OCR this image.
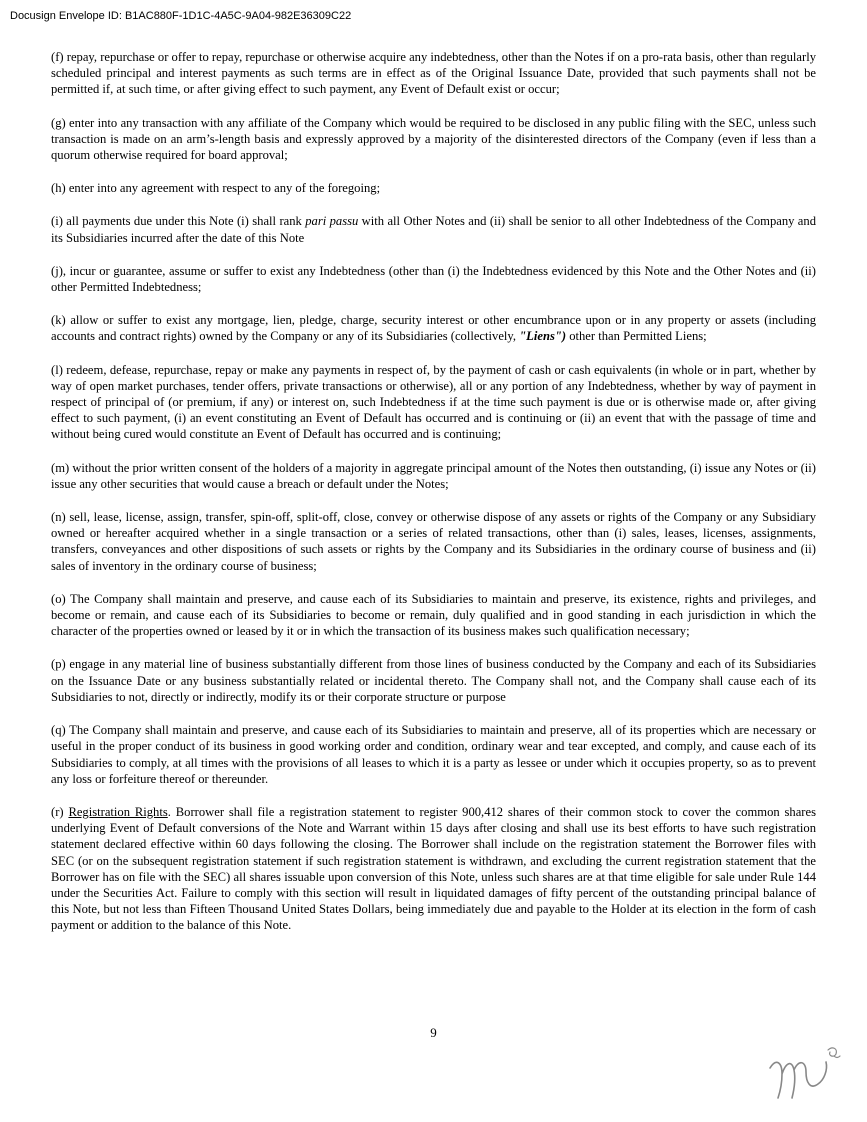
Docusign Envelope ID: B1AC880F-1D1C-4A5C-9A04-982E36309C22

(f) repay, repurchase or offer to repay, repurchase or otherwise acquire any indebtedness, other than the Notes if on a pro-rata basis, other than regularly scheduled principal and interest payments as such terms are in effect as of the Original Issuance Date, provided that such payments shall not be permitted if, at such time, or after giving effect to such payment, any Event of Default exist or occur;

(g) enter into any transaction with any affiliate of the Company which would be required to be disclosed in any public filing with the SEC, unless such transaction is made on an arm’s-length basis and expressly approved by a majority of the disinterested directors of the Company (even if less than a quorum otherwise required for board approval;

(h) enter into any agreement with respect to any of the foregoing;

(i) all payments due under this Note (i) shall rank pari passu with all Other Notes and (ii) shall be senior to all other Indebtedness of the Company and its Subsidiaries incurred after the date of this Note

(j), incur or guarantee, assume or suffer to exist any Indebtedness (other than (i) the Indebtedness evidenced by this Note and the Other Notes and (ii) other Permitted Indebtedness;

(k) allow or suffer to exist any mortgage, lien, pledge, charge, security interest or other encumbrance upon or in any property or assets (including accounts and contract rights) owned by the Company or any of its Subsidiaries (collectively, "Liens") other than Permitted Liens;

(l) redeem, defease, repurchase, repay or make any payments in respect of, by the payment of cash or cash equivalents (in whole or in part, whether by way of open market purchases, tender offers, private transactions or otherwise), all or any portion of any Indebtedness, whether by way of payment in respect of principal of (or premium, if any) or interest on, such Indebtedness if at the time such payment is due or is otherwise made or, after giving effect to such payment, (i) an event constituting an Event of Default has occurred and is continuing or (ii) an event that with the passage of time and without being cured would constitute an Event of Default has occurred and is continuing;

(m) without the prior written consent of the holders of a majority in aggregate principal amount of the Notes then outstanding, (i) issue any Notes or (ii) issue any other securities that would cause a breach or default under the Notes;

(n) sell, lease, license, assign, transfer, spin-off, split-off, close, convey or otherwise dispose of any assets or rights of the Company or any Subsidiary owned or hereafter acquired whether in a single transaction or a series of related transactions, other than (i) sales, leases, licenses, assignments, transfers, conveyances and other dispositions of such assets or rights by the Company and its Subsidiaries in the ordinary course of business and (ii) sales of inventory in the ordinary course of business;

(o) The Company shall maintain and preserve, and cause each of its Subsidiaries to maintain and preserve, its existence, rights and privileges, and become or remain, and cause each of its Subsidiaries to become or remain, duly qualified and in good standing in each jurisdiction in which the character of the properties owned or leased by it or in which the transaction of its business makes such qualification necessary;

(p) engage in any material line of business substantially different from those lines of business conducted by the Company and each of its Subsidiaries on the Issuance Date or any business substantially related or incidental thereto. The Company shall not, and the Company shall cause each of its Subsidiaries to not, directly or indirectly, modify its or their corporate structure or purpose

(q) The Company shall maintain and preserve, and cause each of its Subsidiaries to maintain and preserve, all of its properties which are necessary or useful in the proper conduct of its business in good working order and condition, ordinary wear and tear excepted, and comply, and cause each of its Subsidiaries to comply, at all times with the provisions of all leases to which it is a party as lessee or under which it occupies property, so as to prevent any loss or forfeiture thereof or thereunder.

(r) Registration Rights. Borrower shall file a registration statement to register 900,412 shares of their common stock to cover the common shares underlying Event of Default conversions of the Note and Warrant within 15 days after closing and shall use its best efforts to have such registration statement declared effective within 60 days following the closing. The Borrower shall include on the registration statement the Borrower files with SEC (or on the subsequent registration statement if such registration statement is withdrawn, and excluding the current registration statement that the Borrower has on file with the SEC) all shares issuable upon conversion of this Note, unless such shares are at that time eligible for sale under Rule 144 under the Securities Act. Failure to comply with this section will result in liquidated damages of fifty percent of the outstanding principal balance of this Note, but not less than Fifteen Thousand United States Dollars, being immediately due and payable to the Holder at its election in the form of cash payment or addition to the balance of this Note.

9
